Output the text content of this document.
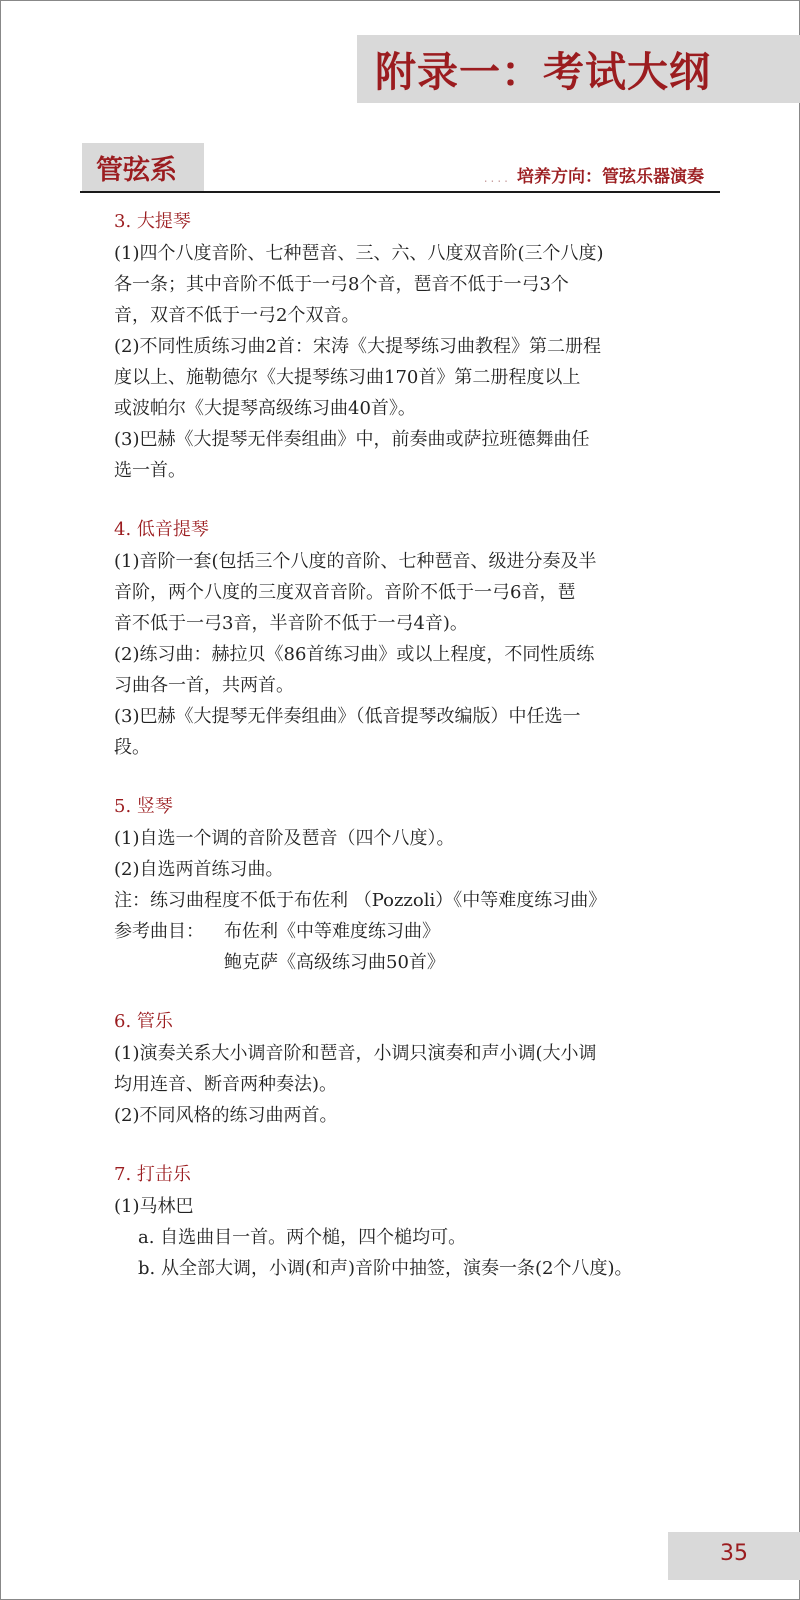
附录一：考试大纲
管弦系	.... 培养方向：管弦乐器演奏
3. 大提琴
(1)四个八度音阶、七种琶音、三、六、八度双音阶(三个八度)
各一条；其中音阶不低于一弓8个音，琶音不低于一弓3个
音，双音不低于一弓2个双音。
(2)不同性质练习曲2首：宋涛《大提琴练习曲教程》第二册程
度以上、施勒德尔《大提琴练习曲170首》第二册程度以上
或波帕尔《大提琴高级练习曲40首》。
(3)巴赫《大提琴无伴奏组曲》中，前奏曲或萨拉班德舞曲任
选一首。
4. 低音提琴
(1)音阶一套(包括三个八度的音阶、七种琶音、级进分奏及半
音阶，两个八度的三度双音音阶。音阶不低于一弓6音，琶
音不低于一弓3音，半音阶不低于一弓4音)。
(2)练习曲：赫拉贝《86首练习曲》或以上程度，不同性质练
习曲各一首，共两首。
(3)巴赫《大提琴无伴奏组曲》（低音提琴改编版）中任选一
段。
5. 竖琴
(1)自选一个调的音阶及琶音（四个八度）。
(2)自选两首练习曲。
注：练习曲程度不低于布佐利 （Pozzoli）《中等难度练习曲》
参考曲目：	布佐利《中等难度练习曲》
鲍克萨《高级练习曲50首》
6. 管乐
(1)演奏关系大小调音阶和琶音，小调只演奏和声小调(大小调
均用连音、断音两种奏法)。
(2)不同风格的练习曲两首。
7. 打击乐
(1)马林巴
a. 自选曲目一首。两个槌，四个槌均可。
b. 从全部大调，小调(和声)音阶中抽签，演奏一条(2个八度)。
35
